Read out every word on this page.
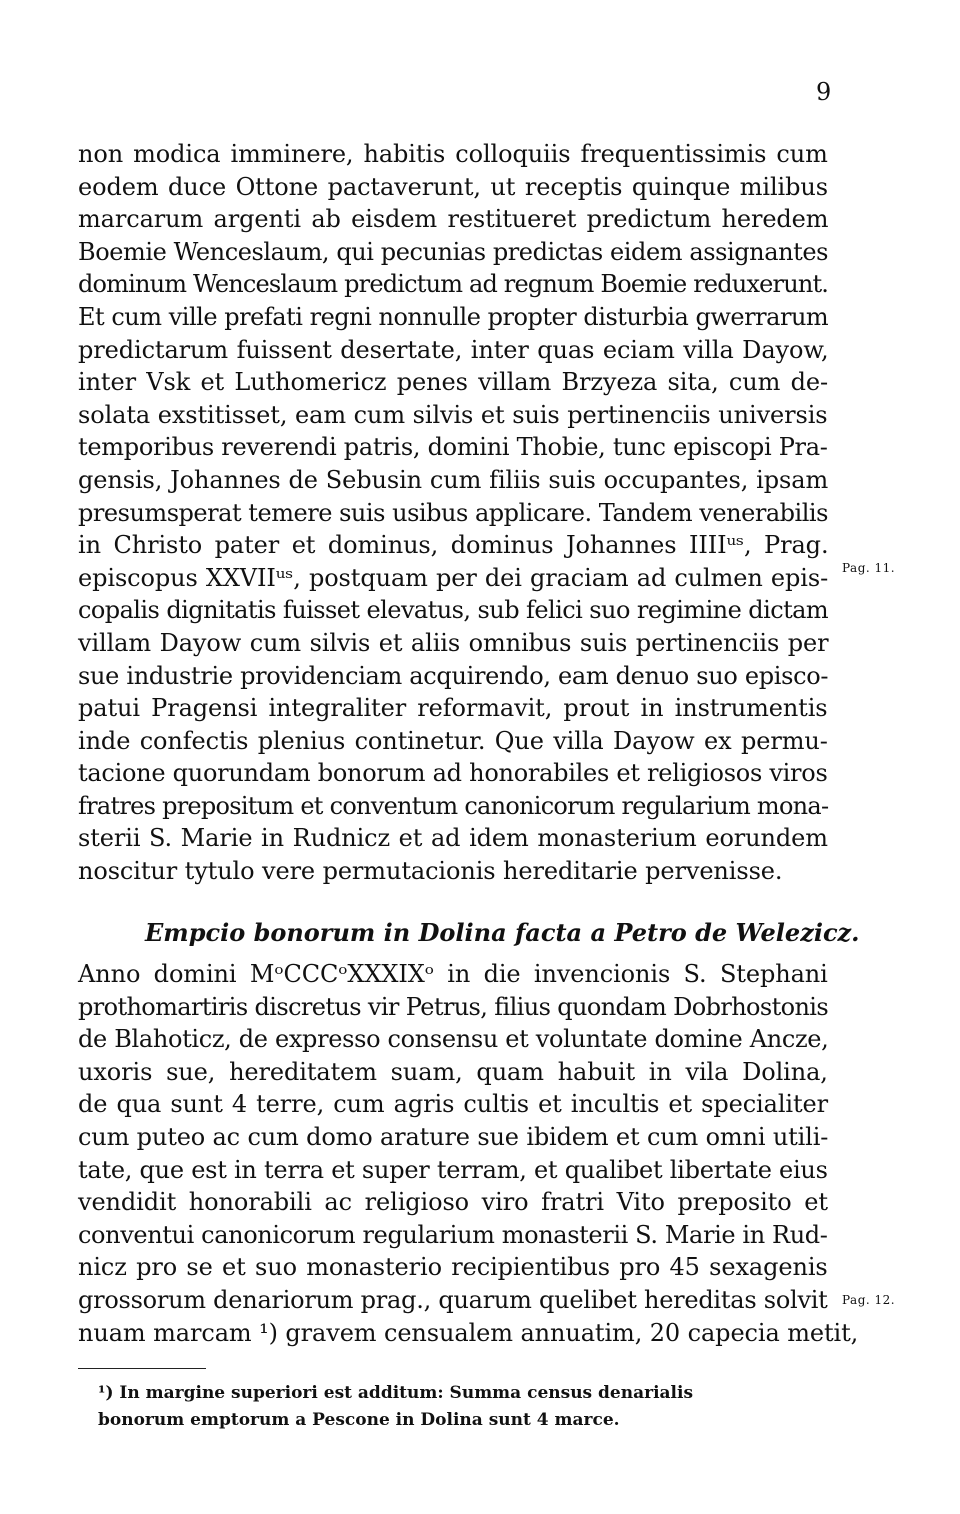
9
non modica imminere, habitis colloquiis frequentissimis cum
eodem duce Ottone pactaverunt, ut receptis quinque milibus
marcarum argenti ab eisdem restitueret predictum heredem
Boemie Wenceslaum, qui pecunias predictas eidem assignantes
dominum Wenceslaum predictum ad regnum Boemie reduxerunt.
Et cum ville prefati regni nonnulle propter disturbia gwerrarum
predictarum fuissent desertate, inter quas eciam villa Dayow,
inter Vsk et Luthomericz penes villam Brzyeza sita, cum de-
solata exstitisset, eam cum silvis et suis pertinenciis universis
temporibus reverendi patris, domini Thobie, tunc episcopi Pra-
gensis, Johannes de Sebusin cum filiis suis occupantes, ipsam
presumsperat temere suis usibus applicare. Tandem venerabilis
in Christo pater et dominus, dominus Johannes IIIIᵘˢ, Prag.
episcopus XXVIIᵘˢ, postquam per dei graciam ad culmen epis-
copalis dignitatis fuisset elevatus, sub felici suo regimine dictam
villam Dayow cum silvis et aliis omnibus suis pertinenciis per
sue industrie providenciam acquirendo, eam denuo suo episco-
patui Pragensi integraliter reformavit, prout in instrumentis
inde confectis plenius continetur. Que villa Dayow ex permu-
tacione quorundam bonorum ad honorabiles et religiosos viros
fratres prepositum et conventum canonicorum regularium mona-
sterii S. Marie in Rudnicz et ad idem monasterium eorundem
noscitur tytulo vere permutacionis hereditarie pervenisse.
Empcio bonorum in Dolina facta a Petro de Welezicz.
Anno domini MᵒCCCᵒXXXIXᵒ in die invencionis S. Stephani
prothomartiris discretus vir Petrus, filius quondam Dobrhostonis
de Blahoticz, de expresso consensu et voluntate domine Ancze,
uxoris sue, hereditatem suam, quam habuit in vila Dolina,
de qua sunt 4 terre, cum agris cultis et incultis et specialiter
cum puteo ac cum domo arature sue ibidem et cum omni utili-
tate, que est in terra et super terram, et qualibet libertate eius
vendidit honorabili ac religioso viro fratri Vito preposito et
conventui canonicorum regularium monasterii S. Marie in Rud-
nicz pro se et suo monasterio recipientibus pro 45 sexagenis
grossorum denariorum prag., quarum quelibet hereditas solvit
nuam marcam ¹) gravem censualem annuatim, 20 capecia metit,
Pag. 11.
Pag. 12.
¹) In margine superiori est additum: Summa census denarialis
bonorum emptorum a Pescone in Dolina sunt 4 marce.
